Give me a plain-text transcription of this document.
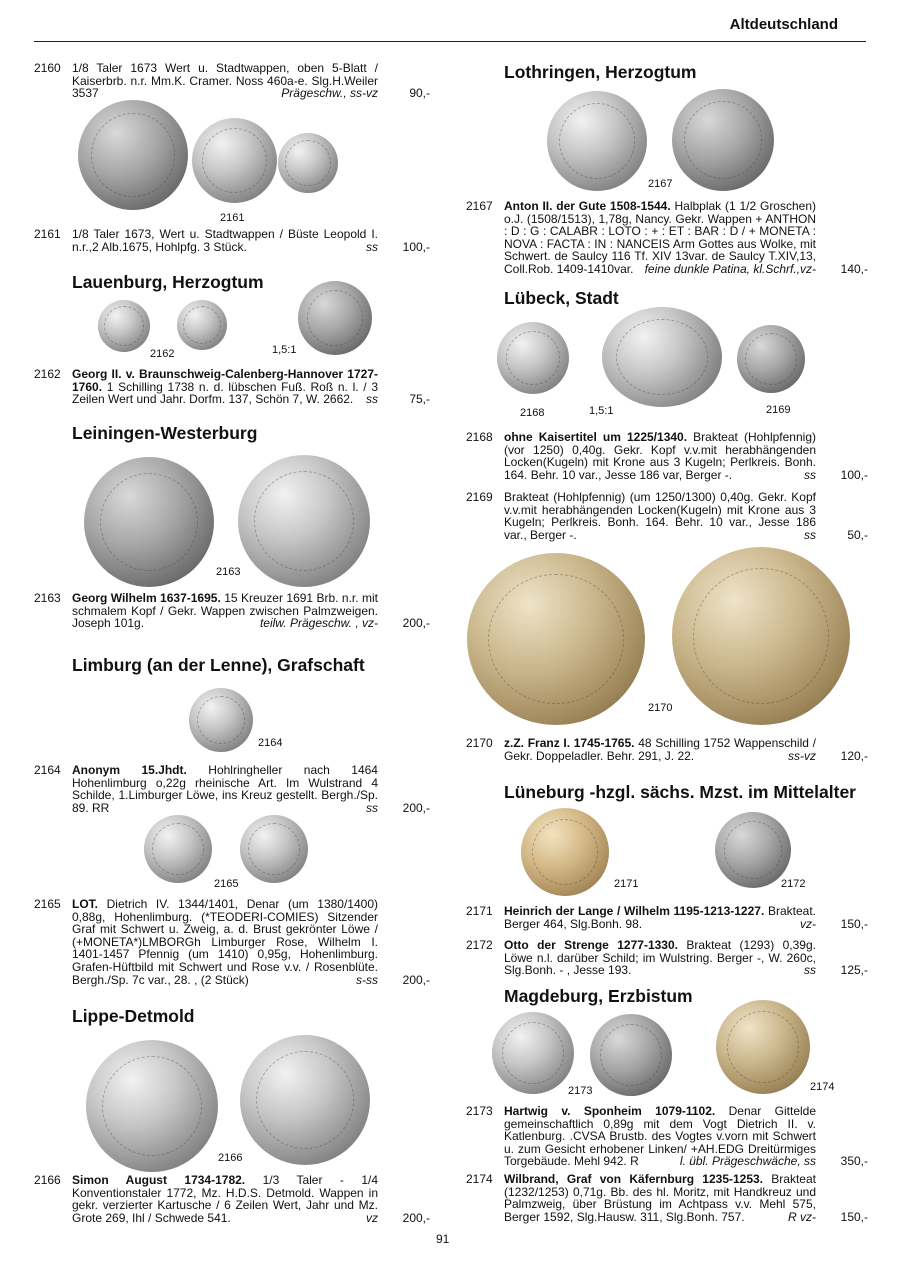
Altdeutschland
2160 1/8 Taler 1673 Wert u. Stadtwappen, oben 5-Blatt / Kaiserbrb. n.r. Mm.K. Cramer. Noss 460a-e. Slg.H.Weiler 3537	Prägeschw., ss-vz	90,-
2161
2161 1/8 Taler 1673, Wert u. Stadtwappen / Büste Leopold I. n.r.,2 Alb.1675, Hohlpfg. 3 Stück.	ss 100,-
Lauenburg, Herzogtum
2162	1,5:1
2162 Georg II. v. Braunschweig-Calenberg-Hannover 1727-1760. 1 Schilling 1738 n. d. lübschen Fuß. Roß n. l. / 3 Zeilen Wert und Jahr. Dorfm. 137, Schön 7, W. 2662. ss	75,-
Leiningen-Westerburg
2163
2163 Georg Wilhelm 1637-1695. 15 Kreuzer 1691 Brb. n.r. mit schmalem Kopf / Gekr. Wappen zwischen Palmzweigen. Joseph 101g.	teilw. Prägeschw. , vz- 200,-
Limburg (an der Lenne), Grafschaft
2164
2164 Anonym 15.Jhdt. Hohlringheller nach 1464 Hohenlimburg o,22g rheinische Art. Im Wulstrand 4 Schilde, 1.Limburger Löwe, ins Kreuz gestellt. Bergh./Sp. 89. RR	ss 200,-
2165
2165 LOT. Dietrich IV. 1344/1401, Denar (um 1380/1400) 0,88g, Hohenlimburg. (*TEODERI-COMIES) Sitzender Graf mit Schwert u. Zweig, a. d. Brust gekrönter Löwe / (+MONETA*)LMBORGh Limburger Rose, Wilhelm I. 1401-1457 Pfennig (um 1410) 0,95g, Hohenlimburg. Grafen-Hüftbild mit Schwert und Rose v.v. / Rosenblüte. Bergh./Sp. 7c var., 28. , (2 Stück)	s-ss 200,-
Lippe-Detmold
2166
2166 Simon August 1734-1782. 1/3 Taler - 1/4 Konventionstaler 1772, Mz. H.D.S. Detmold. Wappen in gekr. verzierter Kartusche / 6 Zeilen Wert, Jahr und Mz. Grote 269, Ihl / Schwede 541.	vz 200,-
Lothringen, Herzogtum
2167
2167 Anton II. der Gute 1508-1544. Halbplak (1 1/2 Groschen) o.J. (1508/1513), 1,78g, Nancy. Gekr. Wappen + ANTHON : D : G : CALABR : LOTO : + : ET : BAR : D / + MONETA : NOVA : FACTA : IN : NANCEIS Arm Gottes aus Wolke, mit Schwert. de Saulcy 116 Tf. XIV 13var. de Saulcy T.XIV,13, Coll.Rob. 1409-1410var. feine dunkle Patina, kl.Schrf.,vz- 140,-
Lübeck, Stadt
2168	1,5:1	2169
2168 ohne Kaisertitel um 1225/1340. Brakteat (Hohlpfennig) (vor 1250) 0,40g. Gekr. Kopf v.v.mit herabhängenden Locken(Kugeln) mit Krone aus 3 Kugeln; Perlkreis. Bonh. 164. Behr. 10 var., Jesse 186 var, Berger -.	ss 100,-
2169 Brakteat (Hohlpfennig) (um 1250/1300) 0,40g. Gekr. Kopf v.v.mit herabhängenden Locken(Kugeln) mit Krone aus 3 Kugeln; Perlkreis. Bonh. 164. Behr. 10 var., Jesse 186 var., Berger -.	ss	50,-
2170
2170 z.Z. Franz I. 1745-1765. 48 Schilling 1752 Wappenschild / Gekr. Doppeladler. Behr. 291, J. 22.	ss-vz 120,-
Lüneburg -hzgl. sächs. Mzst. im Mittelalter
2171	2172
2171 Heinrich der Lange / Wilhelm 1195-1213-1227. Brakteat. Berger 464, Slg.Bonh. 98.	vz- 150,-
2172 Otto der Strenge 1277-1330. Brakteat (1293) 0,39g. Löwe n.l. darüber Schild; im Wulstring. Berger -, W. 260c, Slg.Bonh. - , Jesse 193.	ss 125,-
Magdeburg, Erzbistum
2173	2174
2173 Hartwig v. Sponheim 1079-1102. Denar Gittelde gemeinschaftlich 0,89g mit dem Vogt Dietrich II. v. Katlenburg. .CVSA Brustb. des Vogtes v.vorn mit Schwert u. zum Gesicht erhobener Linken/ +AH.EDG Dreitürmiges Torgebäude. Mehl 942. R	l. übl. Prägeschwäche, ss 350,-
2174 Wilbrand, Graf von Käfernburg 1235-1253. Brakteat (1232/1253) 0,71g. Bb. des hl. Moritz, mit Handkreuz und Palmzweig, über Brüstung im Achtpass v.v. Mehl 575, Berger 1592, Slg.Hausw. 311, Slg.Bonh. 757.	R vz- 150,-
91
